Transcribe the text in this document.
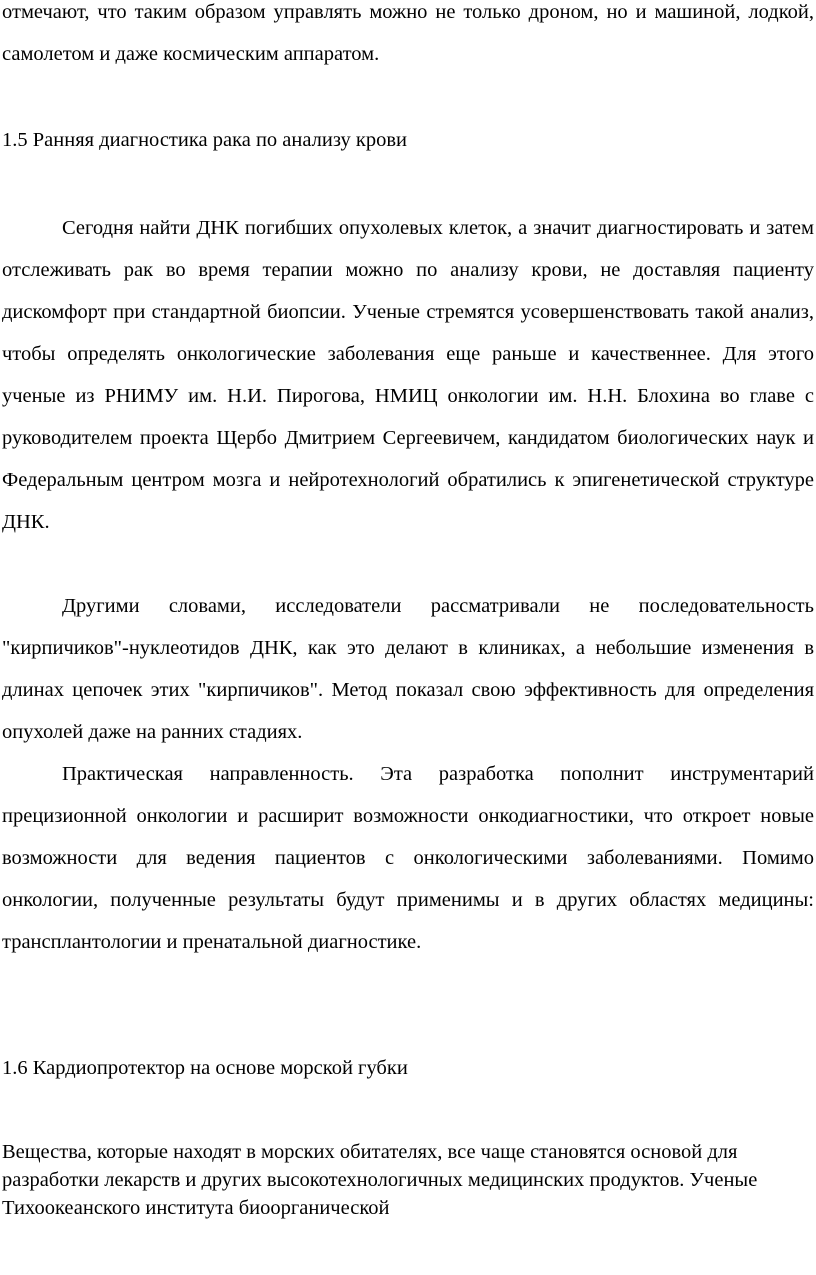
отмечают, что таким образом управлять можно не только дроном, но и машиной, лодкой, самолетом и даже космическим аппаратом.

1.5 Ранняя диагностика рака по анализу крови

Сегодня найти ДНК погибших опухолевых клеток, а значит диагностировать и затем отслеживать рак во время терапии можно по анализу крови, не доставляя пациенту дискомфорт при стандартной биопсии. Ученые стремятся усовершенствовать такой анализ, чтобы определять онкологические заболевания еще раньше и качественнее. Для этого ученые из РНИМУ им. Н.И. Пирогова, НМИЦ онкологии им. Н.Н. Блохина во главе с руководителем проекта Щербо Дмитрием Сергеевичем, кандидатом биологических наук и Федеральным центром мозга и нейротехнологий обратились к эпигенетической структуре ДНК.

Другими словами, исследователи рассматривали не последовательность "кирпичиков"-нуклеотидов ДНК, как это делают в клиниках, а небольшие изменения в длинах цепочек этих "кирпичиков". Метод показал свою эффективность для определения опухолей даже на ранних стадиях.

Практическая направленность. Эта разработка пополнит инструментарий прецизионной онкологии и расширит возможности онкодиагностики, что откроет новые возможности для ведения пациентов с онкологическими заболеваниями. Помимо онкологии, полученные результаты будут применимы и в других областях медицины: трансплантологии и пренатальной диагностике.

1.6 Кардиопротектор на основе морской губки

Вещества, которые находят в морских обитателях, все чаще становятся основой для разработки лекарств и других высокотехнологичных медицинских продуктов. Ученые Тихоокеанского института биоорганической
